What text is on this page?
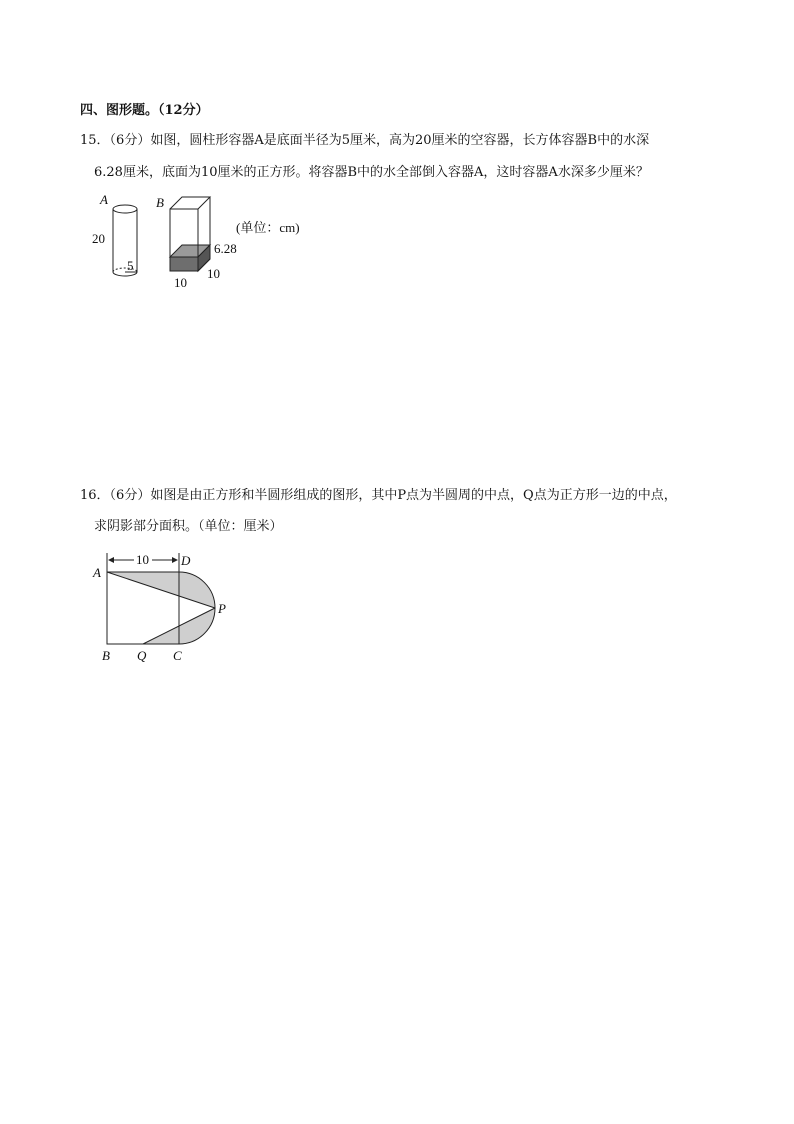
四、图形题。（12分）
15．（6分）如图，圆柱形容器A是底面半径为5厘米，高为20厘米的空容器，长方体容器B中的水深
6.28厘米，底面为10厘米的正方形。将容器B中的水全部倒入容器A，这时容器A水深多少厘米？
A
20
5
B
6.28
10
10
(单位：cm)
16．（6分）如图是由正方形和半圆形组成的图形，其中P点为半圆周的中点，Q点为正方形一边的中点，
求阴影部分面积。（单位：厘米）
10
A
D
P
B Q C
